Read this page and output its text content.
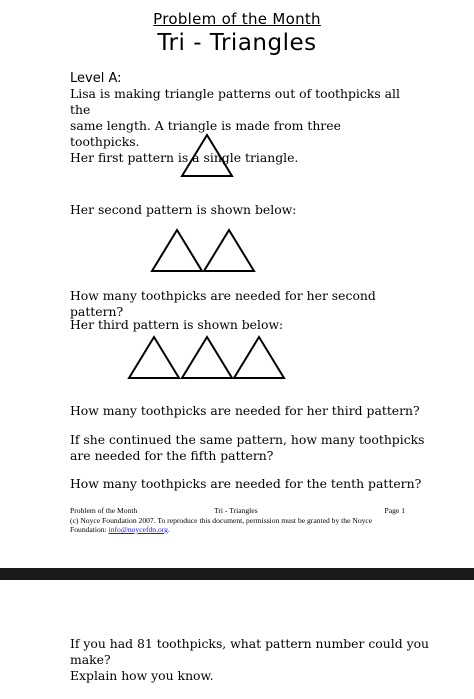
Problem of the Month
Tri - Triangles
Level A:
Lisa is making triangle patterns out of toothpicks all the
same length. A triangle is made from three toothpicks.
Her first pattern is a single triangle.
Her second pattern is shown below:
How many toothpicks are needed for her second pattern?
Her third pattern is shown below:
How many toothpicks are needed for her third pattern?
If she continued the same pattern, how many toothpicks
are needed for the fifth pattern?
How many toothpicks are needed for the tenth pattern?
Problem of the Month	Tri - Triangles	Page 1
(c) Noyce Foundation 2007. To reproduce this document, permission must be granted by the Noyce
Foundation: info@noycefdn.org.
If you had 81 toothpicks, what pattern number could you
make?
Explain how you know.
